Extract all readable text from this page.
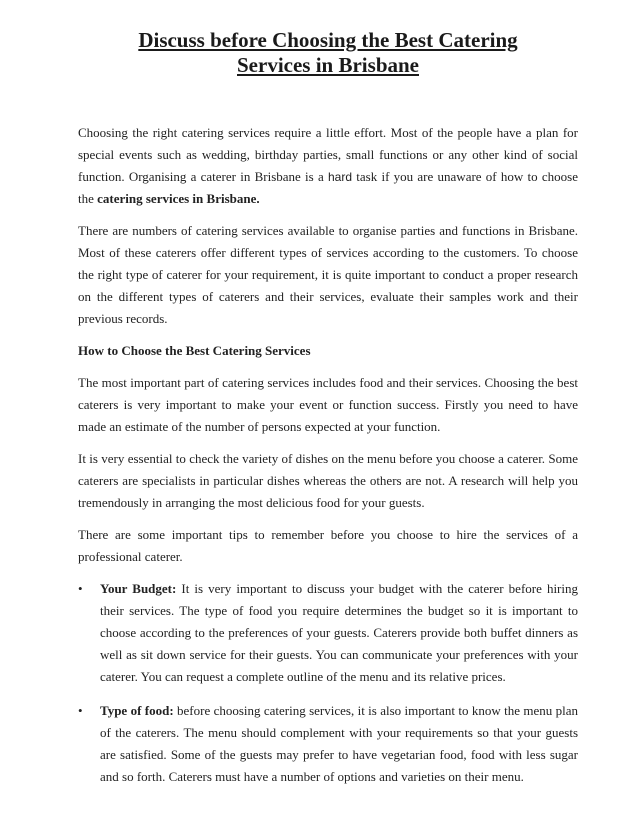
Discuss before Choosing the Best Catering
Services in Brisbane

Choosing the right catering services require a little effort. Most of the people have a plan for special events such as wedding, birthday parties, small functions or any other kind of social function. Organising a caterer in Brisbane is a hard task if you are unaware of how to choose the catering services in Brisbane.

There are numbers of catering services available to organise parties and functions in Brisbane. Most of these caterers offer different types of services according to the customers. To choose the right type of caterer for your requirement, it is quite important to conduct a proper research on the different types of caterers and their services, evaluate their samples work and their previous records.

How to Choose the Best Catering Services

The most important part of catering services includes food and their services. Choosing the best caterers is very important to make your event or function success. Firstly you need to have made an estimate of the number of persons expected at your function.

It is very essential to check the variety of dishes on the menu before you choose a caterer. Some caterers are specialists in particular dishes whereas the others are not. A research will help you tremendously in arranging the most delicious food for your guests.

There are some important tips to remember before you choose to hire the services of a professional caterer.

• Your Budget: It is very important to discuss your budget with the caterer before hiring their services. The type of food you require determines the budget so it is important to choose according to the preferences of your guests. Caterers provide both buffet dinners as well as sit down service for their guests. You can communicate your preferences with your caterer. You can request a complete outline of the menu and its relative prices.
• Type of food: before choosing catering services, it is also important to know the menu plan of the caterers. The menu should complement with your requirements so that your guests are satisfied. Some of the guests may prefer to have vegetarian food, food with less sugar and so forth. Caterers must have a number of options and varieties on their menu.
